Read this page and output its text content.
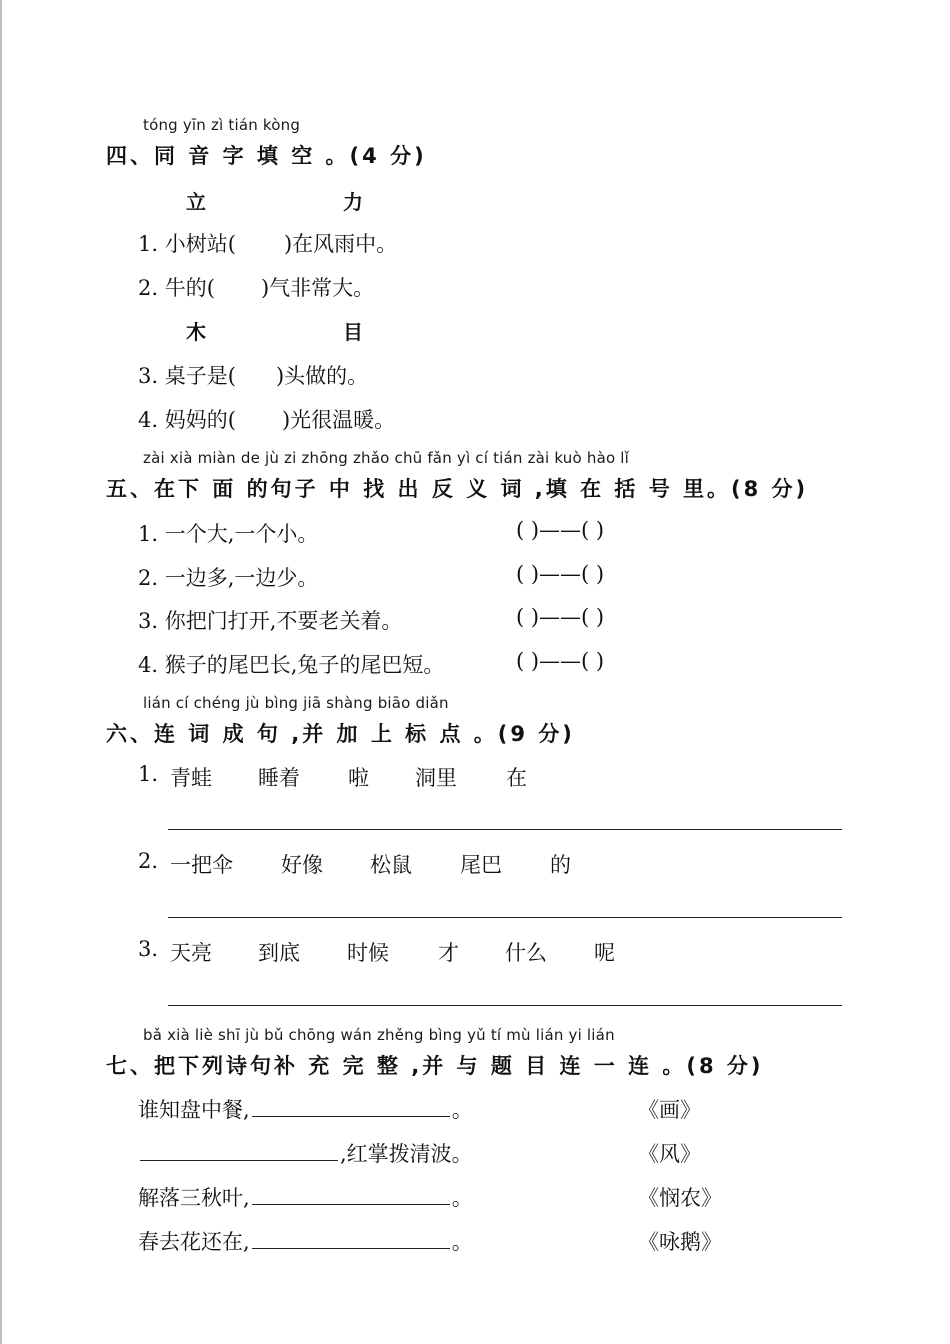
tóng yīn zì tián kòng
四、同 音 字 填 空 。(4 分)
立	力
1. 小树站( )在风雨中。
2. 牛的( )气非常大。
木	目
3. 桌子是( )头做的。
4. 妈妈的( )光很温暖。
zài xià miàn de jù zi zhōng zhǎo chū fǎn yì cí tián zài kuò hào lǐ
五、在下 面 的句子 中 找 出 反 义 词 ,填 在 括 号 里。(8 分)
1. 一个大,一个小。	( )——( )
2. 一边多,一边少。	( )——( )
3. 你把门打开,不要老关着。	( )——( )
4. 猴子的尾巴长,兔子的尾巴短。	( )——( )
lián cí chéng jù bìng jiā shàng biāo diǎn
六、连 词 成 句 ,并 加 上 标 点 。(9 分)
1. 青蛙 睡着 啦 洞里 在
2. 一把伞 好像 松鼠 尾巴 的
3. 天亮 到底 时候 才 什么 呢
bǎ xià liè shī jù bǔ chōng wán zhěng bìng yǔ tí mù lián yi lián
七、把下列诗句补 充 完 整 ,并 与 题 目 连 一 连 。(8 分)
谁知盘中餐,	。	《画》
,红掌拨清波。	《风》
解落三秋叶,	。	《悯农》
春去花还在,	。	《咏鹅》
